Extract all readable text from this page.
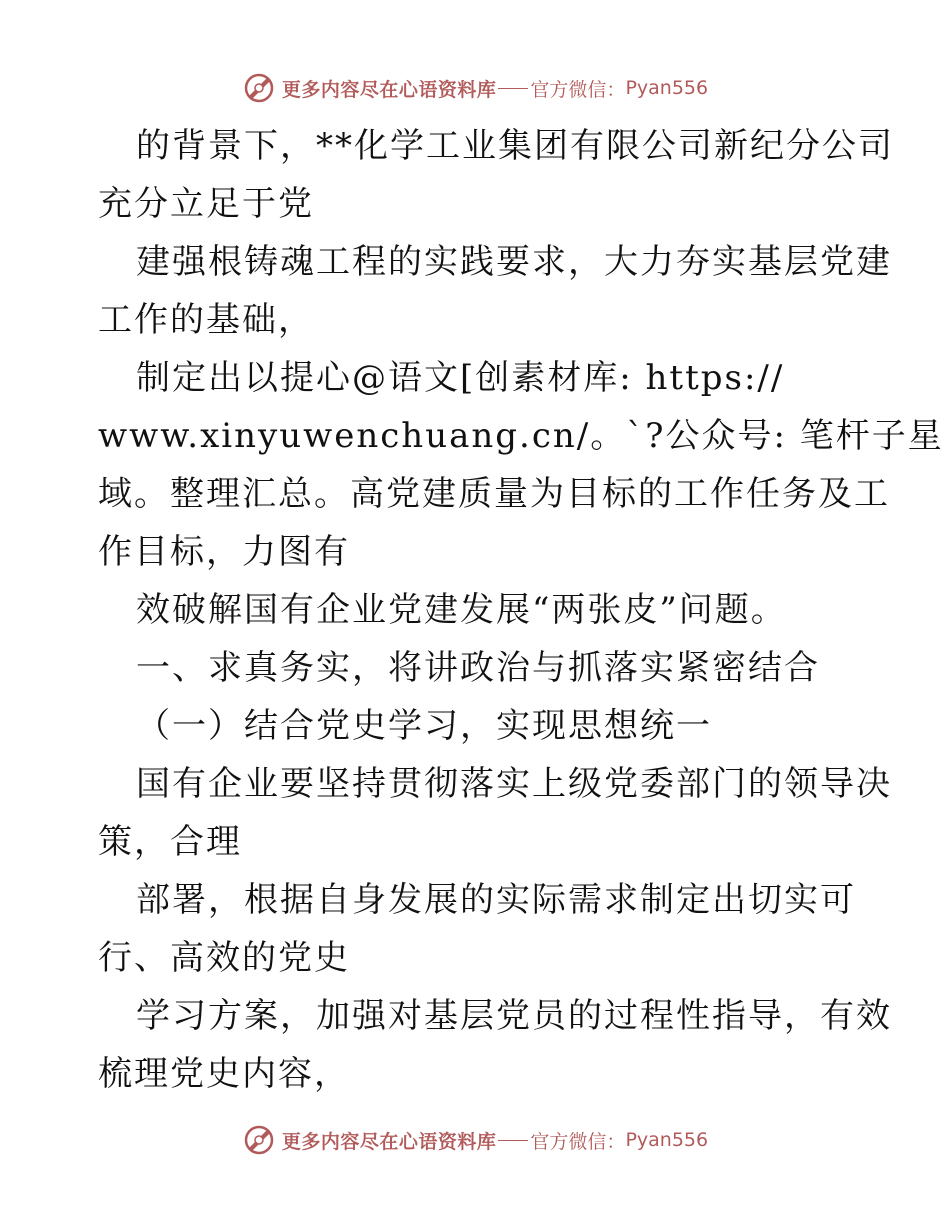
更多内容尽在心语资料库 官方微信： Pyan556
的背景下，**化学工业集团有限公司新纪分公司
充分立足于党
建强根铸魂工程的实践要求，大力夯实基层党建
工作的基础，
制定出以提心@语文[创素材库: https://
www.xinyuwenchuang.cn/。`?公众号: 笔杆子星
域。整理汇总。高党建质量为目标的工作任务及工
作目标，力图有
效破解国有企业党建发展“两张皮”问题。
一、求真务实，将讲政治与抓落实紧密结合
（一）结合党史学习，实现思想统一
国有企业要坚持贯彻落实上级党委部门的领导决
策，合理
部署，根据自身发展的实际需求制定出切实可
行、高效的党史
学习方案，加强对基层党员的过程性指导，有效
梳理党史内容，
更多内容尽在心语资料库 官方微信： Pyan556
